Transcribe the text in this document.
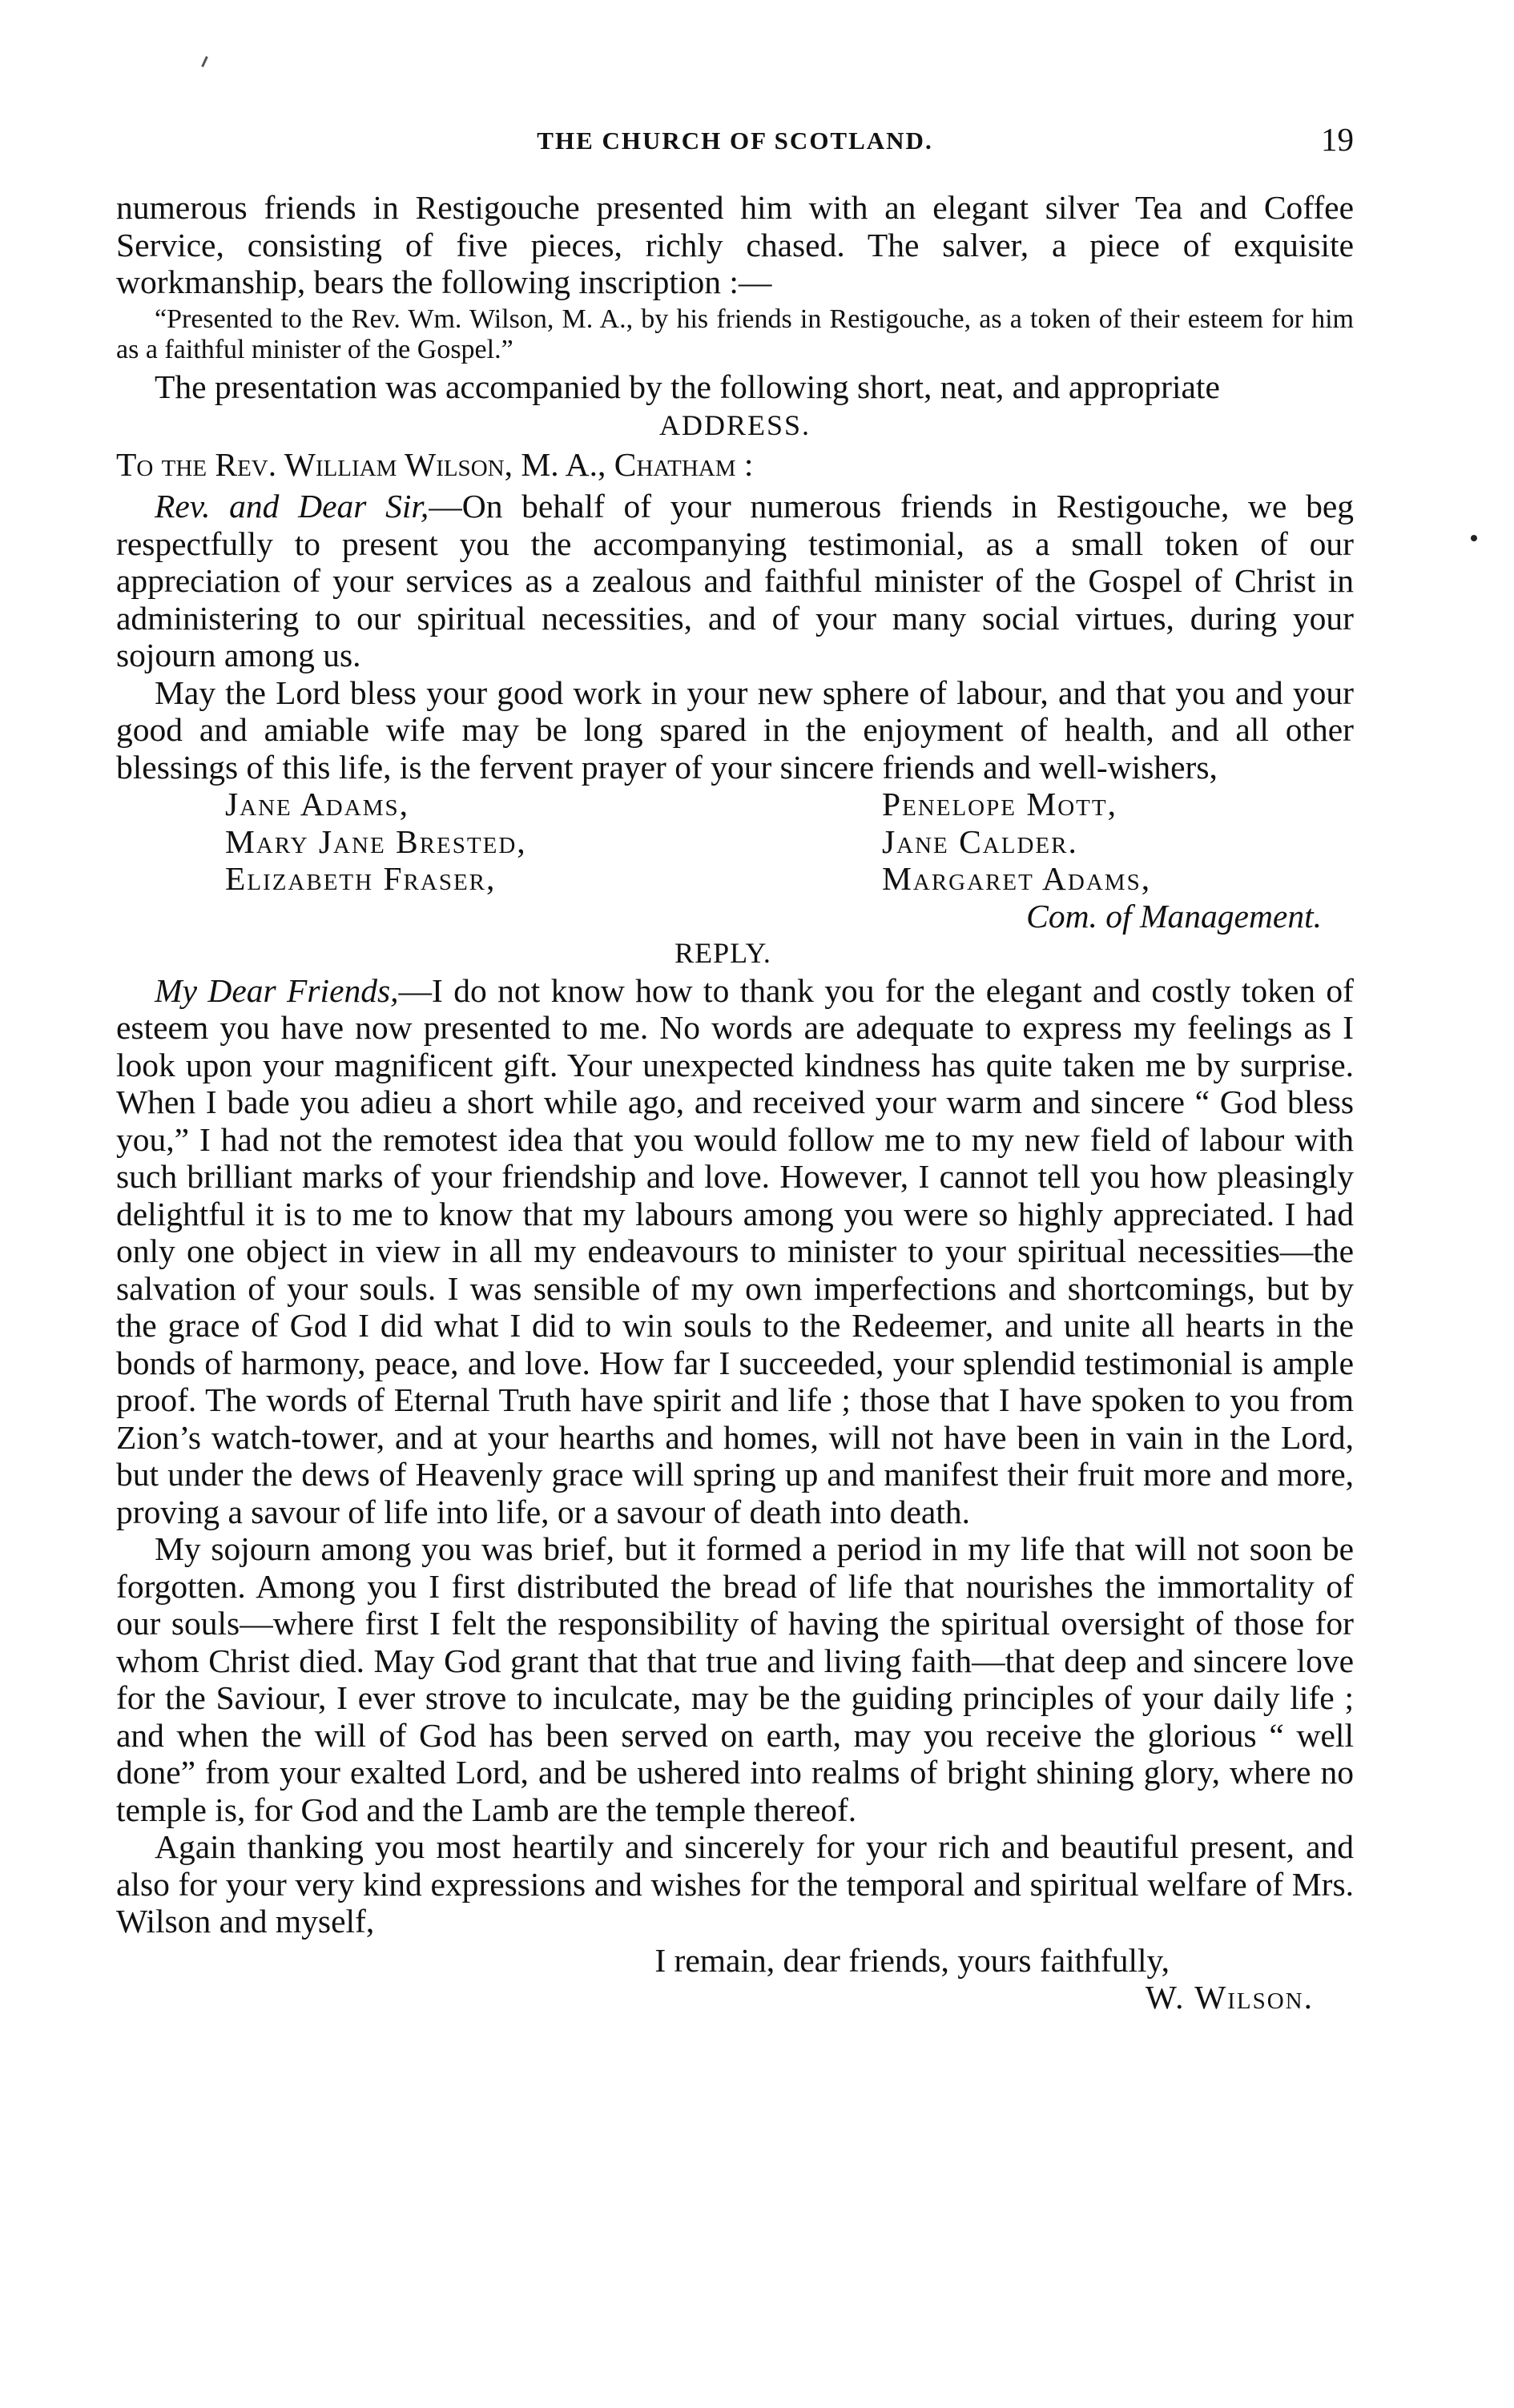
THE CHURCH OF SCOTLAND.	19

numerous friends in Restigouche presented him with an elegant silver Tea and Coffee Service, consisting of five pieces, richly chased. The salver, a piece of exquisite workmanship, bears the following inscription :—

“Presented to the Rev. Wm. Wilson, M. A., by his friends in Restigouche, as a token of their esteem for him as a faithful minister of the Gospel.”

The presentation was accompanied by the following short, neat, and appropriate

ADDRESS.

To the Rev. William Wilson, M. A., Chatham :

Rev. and Dear Sir,—On behalf of your numerous friends in Restigouche, we beg respectfully to present you the accompanying testimonial, as a small token of our appreciation of your services as a zealous and faithful minister of the Gospel of Christ in administering to our spiritual necessities, and of your many social virtues, during your sojourn among us.

May the Lord bless your good work in your new sphere of labour, and that you and your good and amiable wife may be long spared in the enjoyment of health, and all other blessings of this life, is the fervent prayer of your sincere friends and well-wishers,

Jane Adams,
Mary Jane Brested,
Elizabeth Fraser,
Penelope Mott,
Jane Calder.
Margaret Adams,
Com. of Management.
REPLY.

My Dear Friends,—I do not know how to thank you for the elegant and costly token of esteem you have now presented to me. No words are adequate to express my feelings as I look upon your magnificent gift. Your unexpected kindness has quite taken me by surprise. When I bade you adieu a short while ago, and received your warm and sincere “ God bless you,” I had not the remotest idea that you would follow me to my new field of labour with such brilliant marks of your friendship and love. However, I cannot tell you how pleasingly delightful it is to me to know that my labours among you were so highly appreciated. I had only one object in view in all my endeavours to minister to your spiritual necessities—the salvation of your souls. I was sensible of my own imperfections and shortcomings, but by the grace of God I did what I did to win souls to the Redeemer, and unite all hearts in the bonds of harmony, peace, and love. How far I succeeded, your splendid testimonial is ample proof. The words of Eternal Truth have spirit and life ; those that I have spoken to you from Zion’s watch-tower, and at your hearths and homes, will not have been in vain in the Lord, but under the dews of Heavenly grace will spring up and manifest their fruit more and more, proving a savour of life into life, or a savour of death into death.

My sojourn among you was brief, but it formed a period in my life that will not soon be forgotten. Among you I first distributed the bread of life that nourishes the immortality of our souls—where first I felt the responsibility of having the spiritual oversight of those for whom Christ died. May God grant that that true and living faith—that deep and sincere love for the Saviour, I ever strove to inculcate, may be the guiding principles of your daily life ; and when the will of God has been served on earth, may you receive the glorious “ well done” from your exalted Lord, and be ushered into realms of bright shining glory, where no temple is, for God and the Lamb are the temple thereof.

Again thanking you most heartily and sincerely for your rich and beautiful present, and also for your very kind expressions and wishes for the temporal and spiritual welfare of Mrs. Wilson and myself,

I remain, dear friends, yours faithfully,
W. Wilson.
